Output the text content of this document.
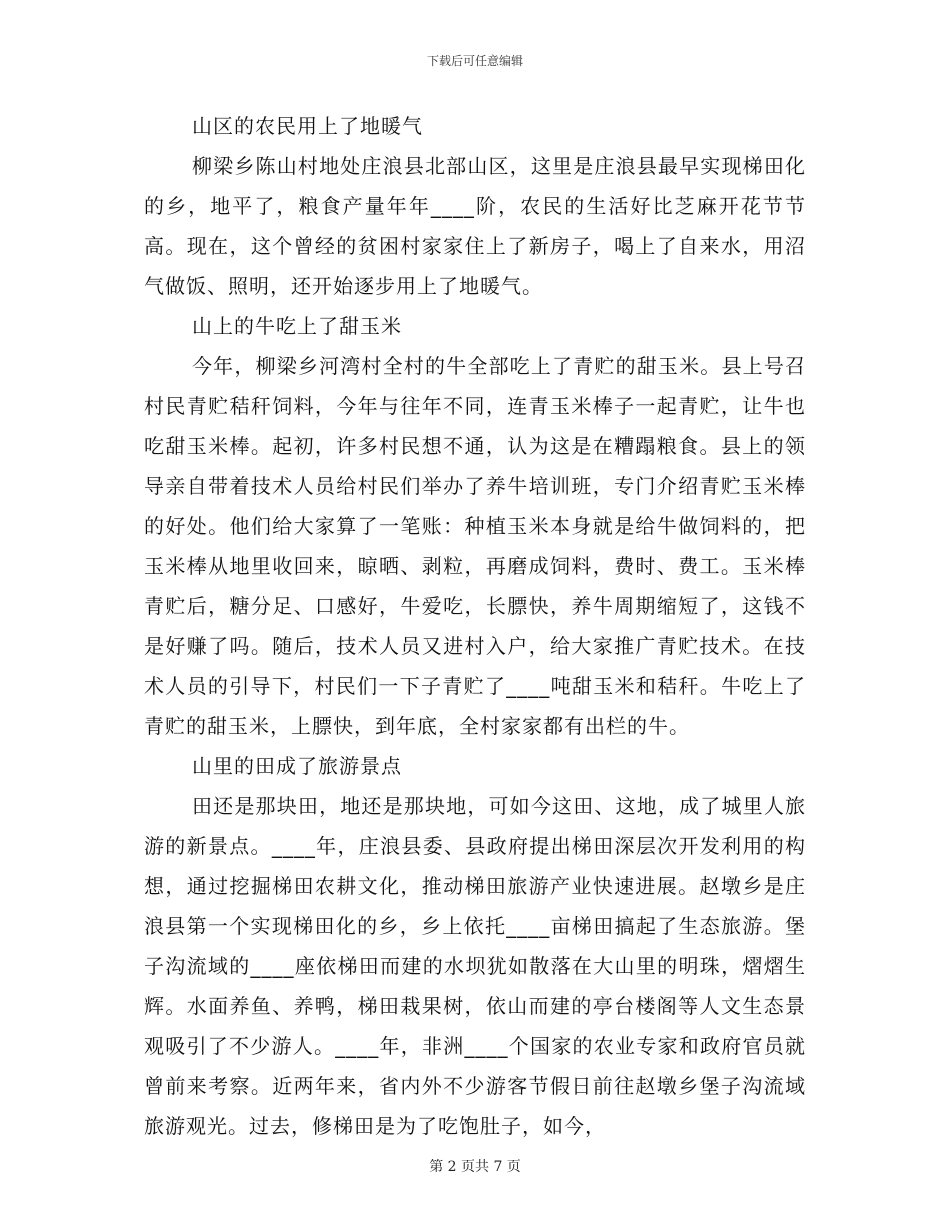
下载后可任意编辑

山区的农民用上了地暖气

柳梁乡陈山村地处庄浪县北部山区，这里是庄浪县最早实现梯田化的乡，地平了，粮食产量年年____阶，农民的生活好比芝麻开花节节高。现在，这个曾经的贫困村家家住上了新房子，喝上了自来水，用沼气做饭、照明，还开始逐步用上了地暖气。

山上的牛吃上了甜玉米

今年，柳梁乡河湾村全村的牛全部吃上了青贮的甜玉米。县上号召村民青贮秸秆饲料，今年与往年不同，连青玉米棒子一起青贮，让牛也吃甜玉米棒。起初，许多村民想不通，认为这是在糟蹋粮食。县上的领导亲自带着技术人员给村民们举办了养牛培训班，专门介绍青贮玉米棒的好处。他们给大家算了一笔账：种植玉米本身就是给牛做饲料的，把玉米棒从地里收回来，晾晒、剥粒，再磨成饲料，费时、费工。玉米棒青贮后，糖分足、口感好，牛爱吃，长膘快，养牛周期缩短了，这钱不是好赚了吗。随后，技术人员又进村入户，给大家推广青贮技术。在技术人员的引导下，村民们一下子青贮了____吨甜玉米和秸秆。牛吃上了青贮的甜玉米，上膘快，到年底，全村家家都有出栏的牛。

山里的田成了旅游景点

田还是那块田，地还是那块地，可如今这田、这地，成了城里人旅游的新景点。____年，庄浪县委、县政府提出梯田深层次开发利用的构想，通过挖掘梯田农耕文化，推动梯田旅游产业快速进展。赵墩乡是庄浪县第一个实现梯田化的乡，乡上依托____亩梯田搞起了生态旅游。堡子沟流域的____座依梯田而建的水坝犹如散落在大山里的明珠，熠熠生辉。水面养鱼、养鸭，梯田栽果树，依山而建的亭台楼阁等人文生态景观吸引了不少游人。____年，非洲____个国家的农业专家和政府官员就曾前来考察。近两年来，省内外不少游客节假日前往赵墩乡堡子沟流域旅游观光。过去，修梯田是为了吃饱肚子，如今，

第 2 页共 7 页
